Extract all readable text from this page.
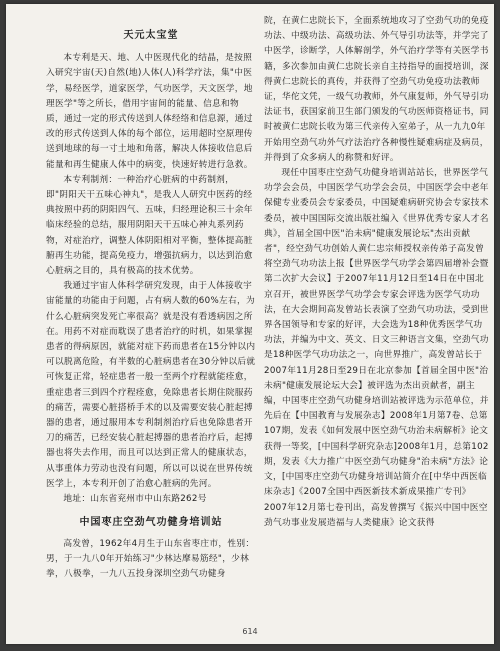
天元太宝堂

本专利是天、地、人中医现代化的结晶，是按照入研究宇宙(天)自然(地)人体(人)科学疗法，集"中医学，易经医学，道家医学，气功医学，天文医学，地理医学"等之所长，借用宇宙间的能量、信息和物质，通过一定的形式传送到人体经络和信息源，通过改的形式传送到人体的每个部位，运用超时空原理传送到地球的每一寸土地和角落，解决人体接收信息后能量和再生健康人体中的病变，快速好转进行急救。

本专利制剂：一种治疗心脏病的中药制剂，即"阴阳天干五味心神丸"，是我人人研究中医药的经典按照中药的阴阳四气、五味，归经理论积三十余年临床经验的总结，服用阴阳天干五味心神丸系列药物，对症治疗，调整人体阴阳相对平衡，整体提高脏腑再生功能，提高免疫力，增强抗病力，以达到治愈心脏病之目的，具有极高的技术优势。

我通过宇宙人体科学研究发现，由于人体接收宇宙能量的功能由于问题，占有病人数的60%左右，为什么心脏病突发死亡率很高？就是没有看透病因之所在。用药不对症而耽误了患者治疗的时机，如果掌握患者的得病原因，就能对症下药而患者在15分钟以内可以脱离危险，有半数的心脏病患者在30分钟以后就可恢复正常，轻症患者一般一至两个疗程就能痊愈，重症患者三到四个疗程痊愈，免除患者长期住院服药的痛苦，需要心脏搭桥手术的以及需要安装心脏起搏器的患者，通过服用本专利制剂治疗后也免除患者开刀的痛苦，已经安装心脏起搏器的患者治疗后，起搏器也将失去作用，而且可以达到正常人的健康状态，从事重体力劳动也没有问题，所以可以说在世界传统医学上，本专利开创了治愈心脏病的先河。

地址：山东省兖州市中山东路262号

中国枣庄空劲气功健身培训站

高发曾，1962年4月生于山东省枣庄市，性别：男，于一九八0年开始练习"少林达摩易筋经"，少林拳，八极拳，一九八五投身深圳空劲气功健身

院，在黄仁忠院长下，全面系统地攻习了空劲气功的免疫功法、中级功法、高级功法、外气导引功法等，并学完了中医学，诊断学，人体解剖学，外气治疗学等有关医学书籍，多次参加由黄仁忠院长亲自主持指导的面授培训，深得黄仁忠院长的真传，并获得了空劲气功免疫功法教师证，华佗文凭，一级气功教师，外气康复师，外气导引功法证书，获国家前卫生部门颁发的气功医师资格证书，同时被黄仁忠院长收为第三代亲传入室弟子，从一九九0年开始用空劲气功外气疗法治疗各种慢性疑难病症及病员，并得到了众多病人的称赞和好评。

现任中国枣庄空劲气功健身培训站站长，世界医学气功学会会员，中国医学气功学会会员，中国医学会中老年保健专业委员会专家委员，中国疑难病研究协会专家技术委员，被中国国际交流出版社编入《世界优秀专家人才名典》，首届全国中医"治未病"健康发展论坛"杰出贡献者"，经空劲气功创始人黄仁忠宗师授权亲传弟子高发曾将空劲气功功法上报【世界医学气功学会第四届增补会暨第二次扩大会议】于2007年11月12日至14日在中国北京召开，被世界医学气功学会专家会评选为医学气功功法，在大会期间高发曾站长表演了空劲气功功法，受到世界各国领导和专家的好评，大会选为18种优秀医学气功功法，并编为中文、英文、日文三种语言文集，空劲气功是18种医学气功功法之一，向世界推广，高发曾站长于2007年11月28日至29日在北京参加【首届全国中医"治未病"健康发展论坛大会】被评选为杰出贡献者，副主编，中国枣庄空劲气功健身培训站被评选为示范单位，并先后在【中国教育与发展杂志】2008年1月第7卷、总第107期，发表《如何发展中医空劲气功治未病解析》论文获得一等奖，[中国科学研究杂志]2008年1月，总第102期，发表《大力推广中医空劲气功健身"治未病"方法》论文，[中国枣庄空劲气功健身培训站简介在[中华中西医临床杂志]《2007全国中西医新技术新成果推广专刊》2007年12月第七卷刊出，高发曾撰写《振兴中国中医空劲气功事业发展造福与人类健康》论文获得

614
